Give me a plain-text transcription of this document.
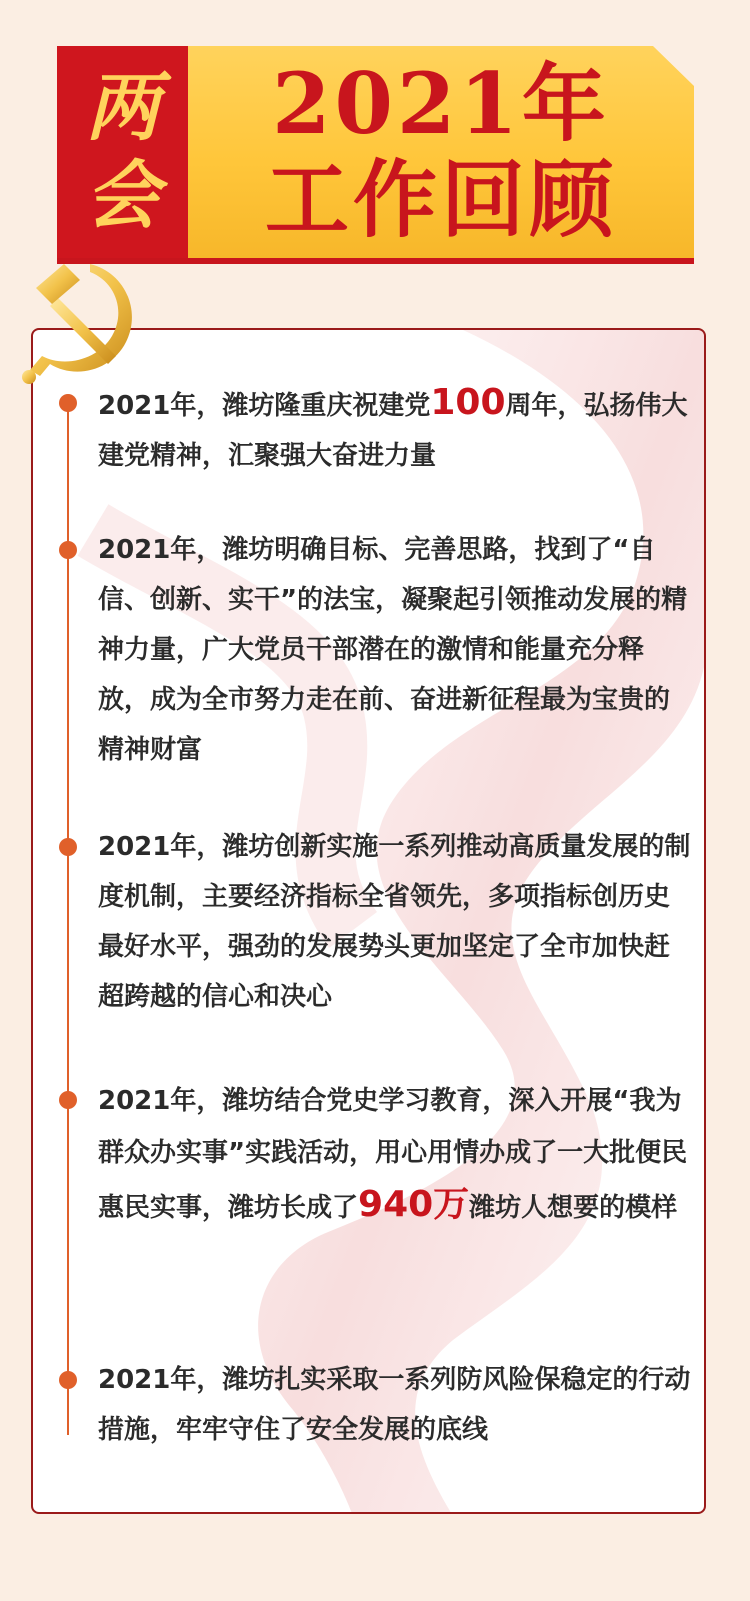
两
会
2021年
工作回顾

2021年，潍坊隆重庆祝建党100周年，弘扬伟大建党精神，汇聚强大奋进力量

2021年，潍坊明确目标、完善思路，找到了“自信、创新、实干”的法宝，凝聚起引领推动发展的精神力量，广大党员干部潜在的激情和能量充分释放，成为全市努力走在前、奋进新征程最为宝贵的精神财富

2021年，潍坊创新实施一系列推动高质量发展的制度机制，主要经济指标全省领先，多项指标创历史最好水平，强劲的发展势头更加坚定了全市加快赶超跨越的信心和决心

2021年，潍坊结合党史学习教育，深入开展“我为群众办实事”实践活动，用心用情办成了一大批便民惠民实事，潍坊长成了940万潍坊人想要的模样

2021年，潍坊扎实采取一系列防风险保稳定的行动措施，牢牢守住了安全发展的底线
